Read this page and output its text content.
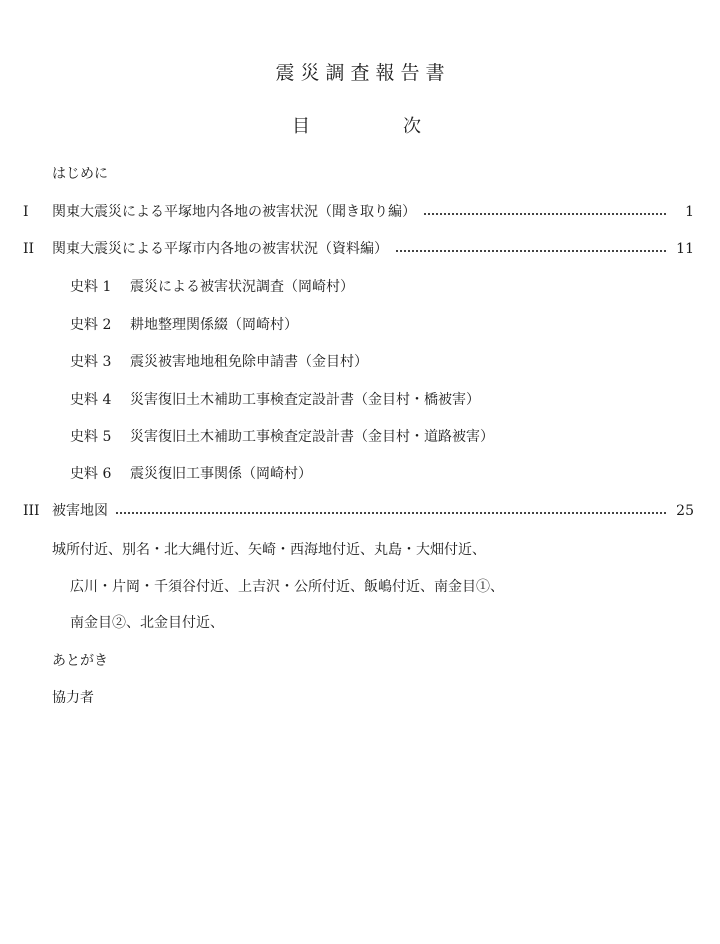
震災調査報告書
目	次
はじめに
I 関東大震災による平塚地内各地の被害状況（聞き取り編）	1
II 関東大震災による平塚市内各地の被害状況（資料編）	11
史料 1 震災による被害状況調査（岡崎村）
史料 2 耕地整理関係綴（岡崎村）
史料 3 震災被害地地租免除申請書（金目村）
史料 4 災害復旧土木補助工事検査定設計書（金目村・橋被害）
史料 5 災害復旧土木補助工事検査定設計書（金目村・道路被害）
史料 6 震災復旧工事関係（岡崎村）
III 被害地図	25
城所付近、別名・北大縄付近、矢崎・西海地付近、丸島・大畑付近、
広川・片岡・千須谷付近、上吉沢・公所付近、飯嶋付近、南金目①、
南金目②、北金目付近、
あとがき
協力者
